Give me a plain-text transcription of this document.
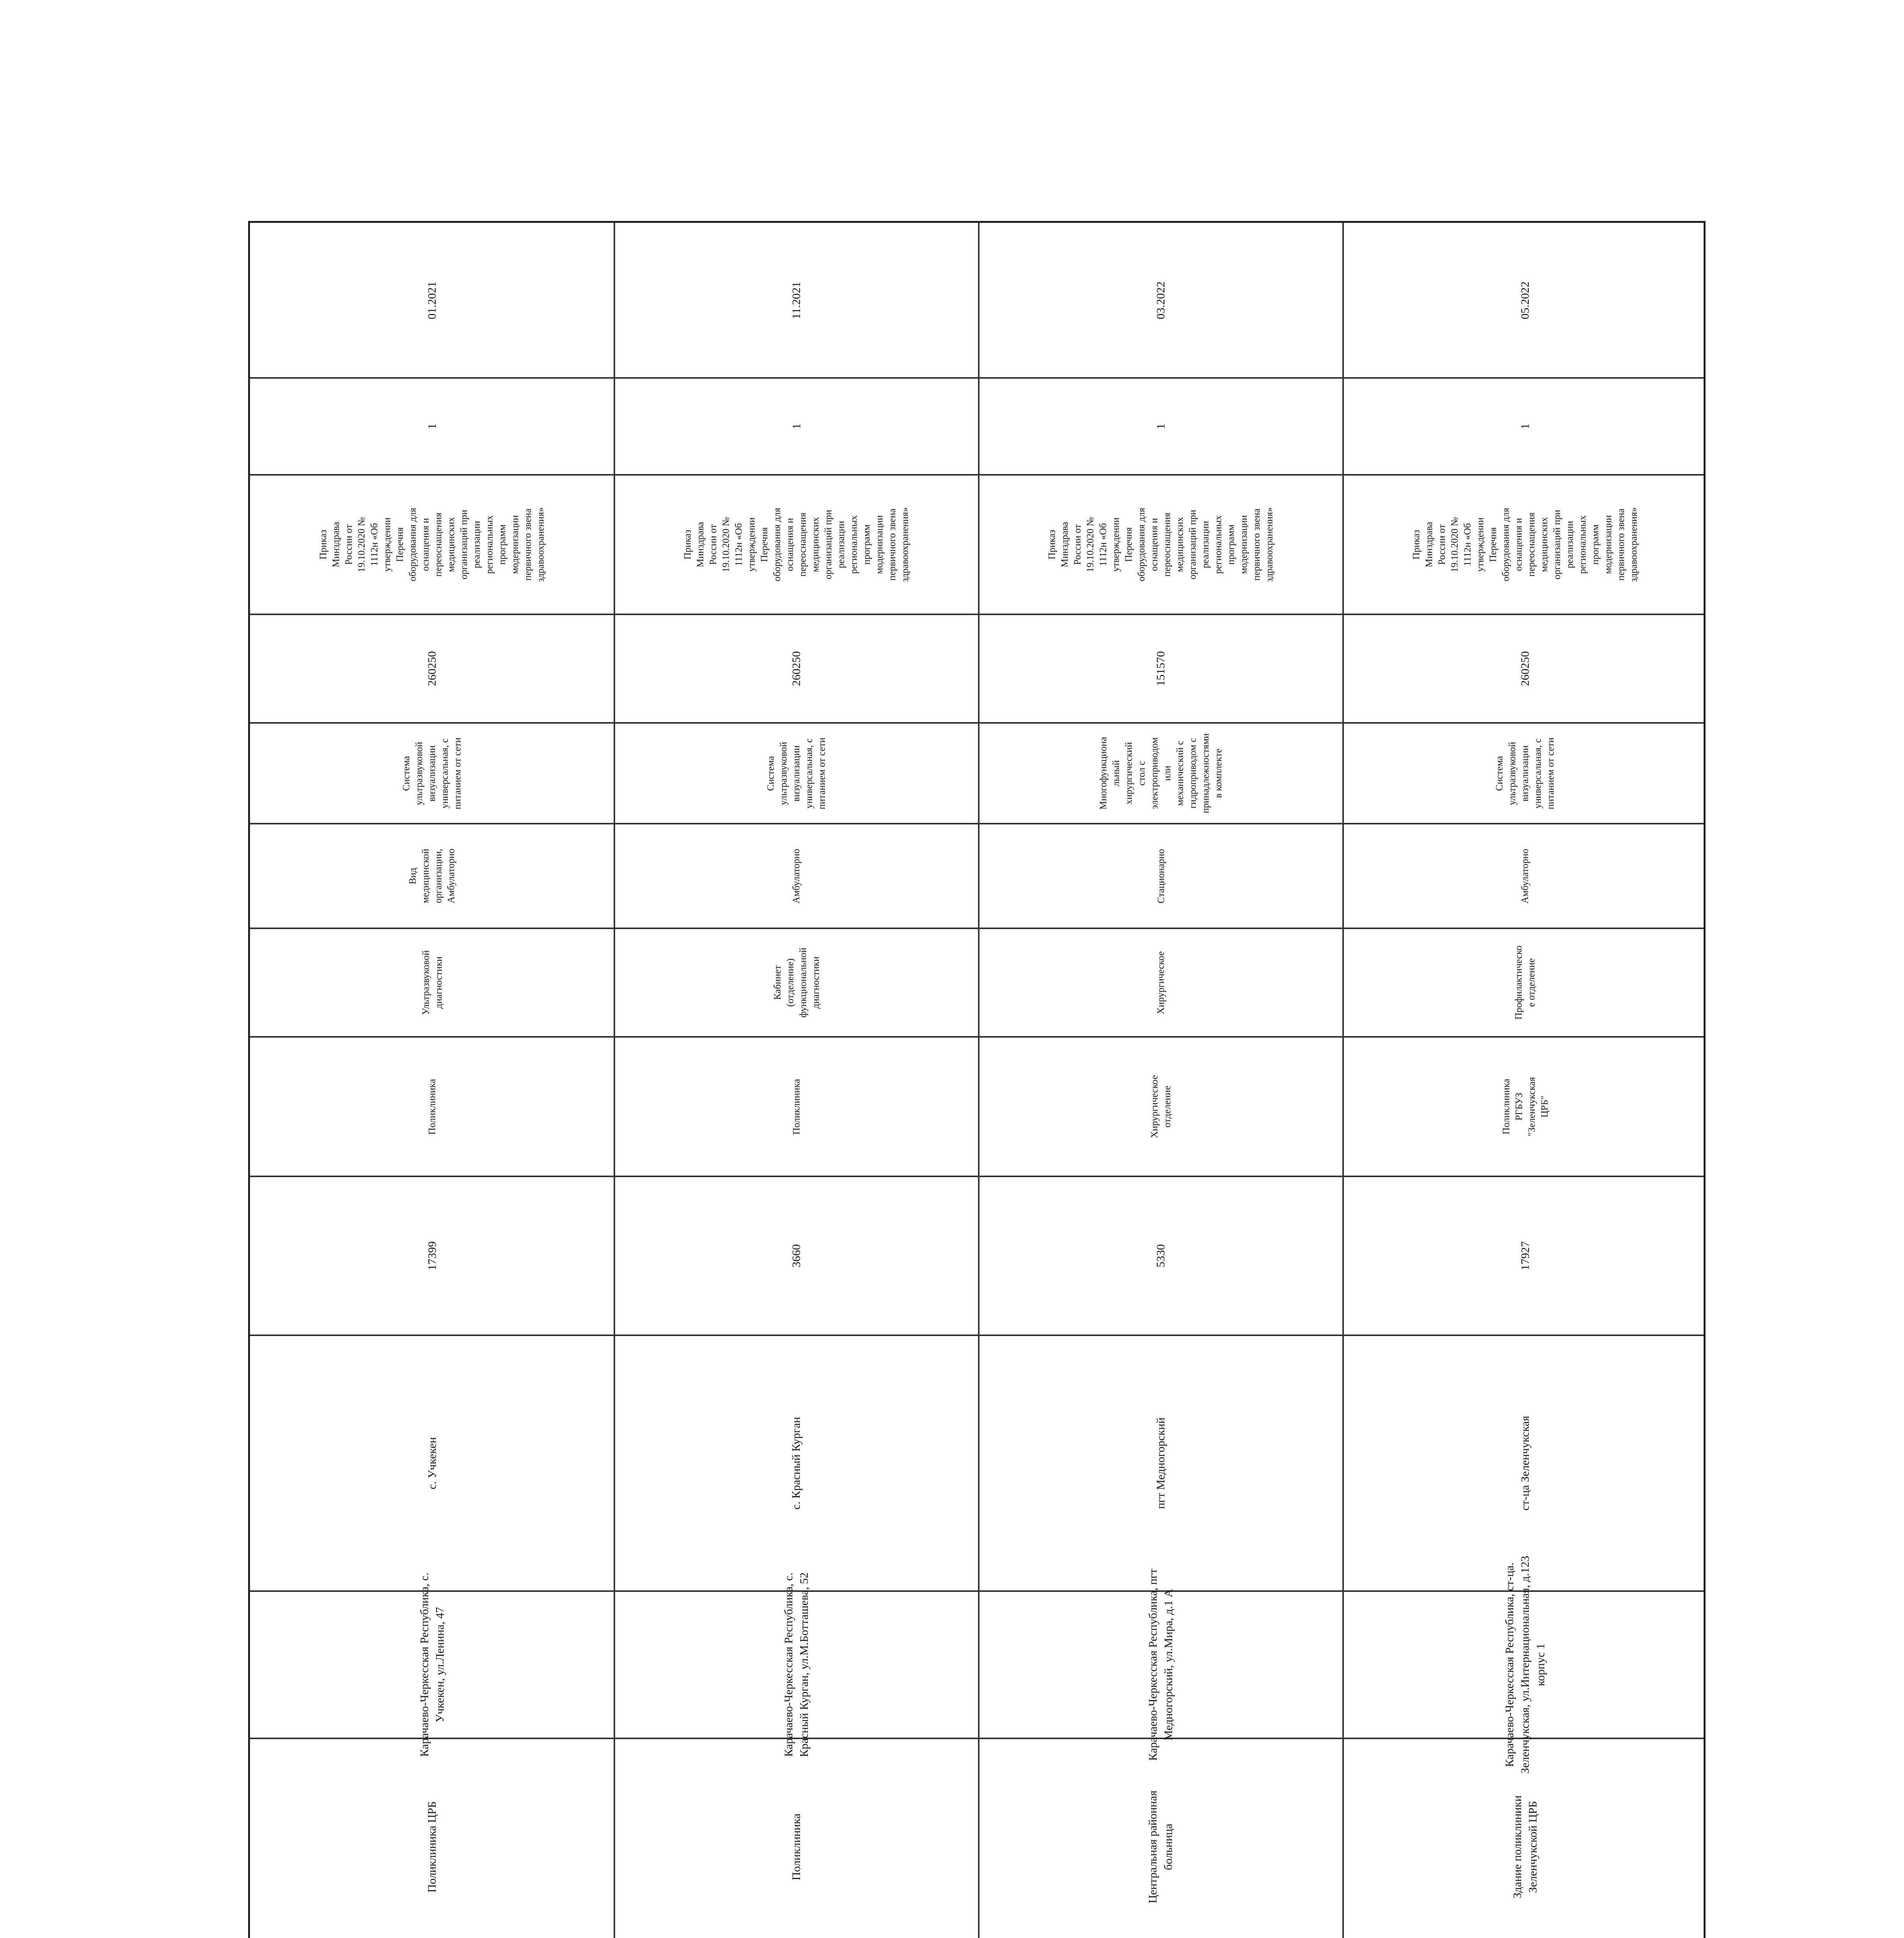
01.2021
1
Приказ
Минздрава
России от
19.10.2020 №
1112н «Об
утверждении
Перечня
оборудования для
оснащения и
переоснащения
медицинских
организаций при
реализации
региональных
программ
модернизации
первичного звена
здравоохранения»
260250
Система
ультразвуковой
визуализации
универсальная, с
питанием от сети
Вид
медицинской
организации,
Амбулаторно
Ультразвуковой
диагностики
Поликлиника
17399
с. Учкекен
Карачаево-Черкесская Республика, с.
Учкекен, ул.Ленина, 47
Поликлиника ЦРБ
11.2021
1
Приказ
Минздрава
России от
19.10.2020 №
1112н «Об
утверждении
Перечня
оборудования для
оснащения и
переоснащения
медицинских
организаций при
реализации
региональных
программ
модернизации
первичного звена
здравоохранения»
260250
Система
ультразвуковой
визуализации
универсальная, с
питанием от сети
Амбулаторно
Кабинет
(отделение)
функциональной
диагностики
Поликлиника
3660
с. Красный Курган
Карачаево-Черкесская Республика, с.
Красный Курган, ул.М.Ботташева, 52
Поликлиника
03.2022
1
Приказ
Минздрава
России от
19.10.2020 №
1112н «Об
утверждении
Перечня
оборудования для
оснащения и
переоснащения
медицинских
организаций при
реализации
региональных
программ
модернизации
первичного звена
здравоохранения»
151570
Многофункциона
льный
хирургический
стол с
электроприводом
или
механический с
гидроприводом с
принадлежностями
в комплекте
Стационарно
Хирургическое
Хирургическое
отделение
5330
пгт Медногорский
Карачаево-Черкесская Республика, пгт
Медногорский, ул.Мира, д.1 А
Центральная районная
больница
05.2022
1
Приказ
Минздрава
России от
19.10.2020 №
1112н «Об
утверждении
Перечня
оборудования для
оснащения и
переоснащения
медицинских
организаций при
реализации
региональных
программ
модернизации
первичного звена
здравоохранения»
260250
Система
ультразвуковой
визуализации
универсальная, с
питанием от сети
Амбулаторно
Профилактическо
е отделение
Поликлиника
РГБУЗ
"Зеленчукская
ЦРБ"
17927
ст-ца Зеленчукская
Карачаево-Черкесская Республика, ст-ца.
Зеленчукская, ул.Интернациональная, д.123
корпус 1
Здание поликлиники
Зеленчукской ЦРБ
